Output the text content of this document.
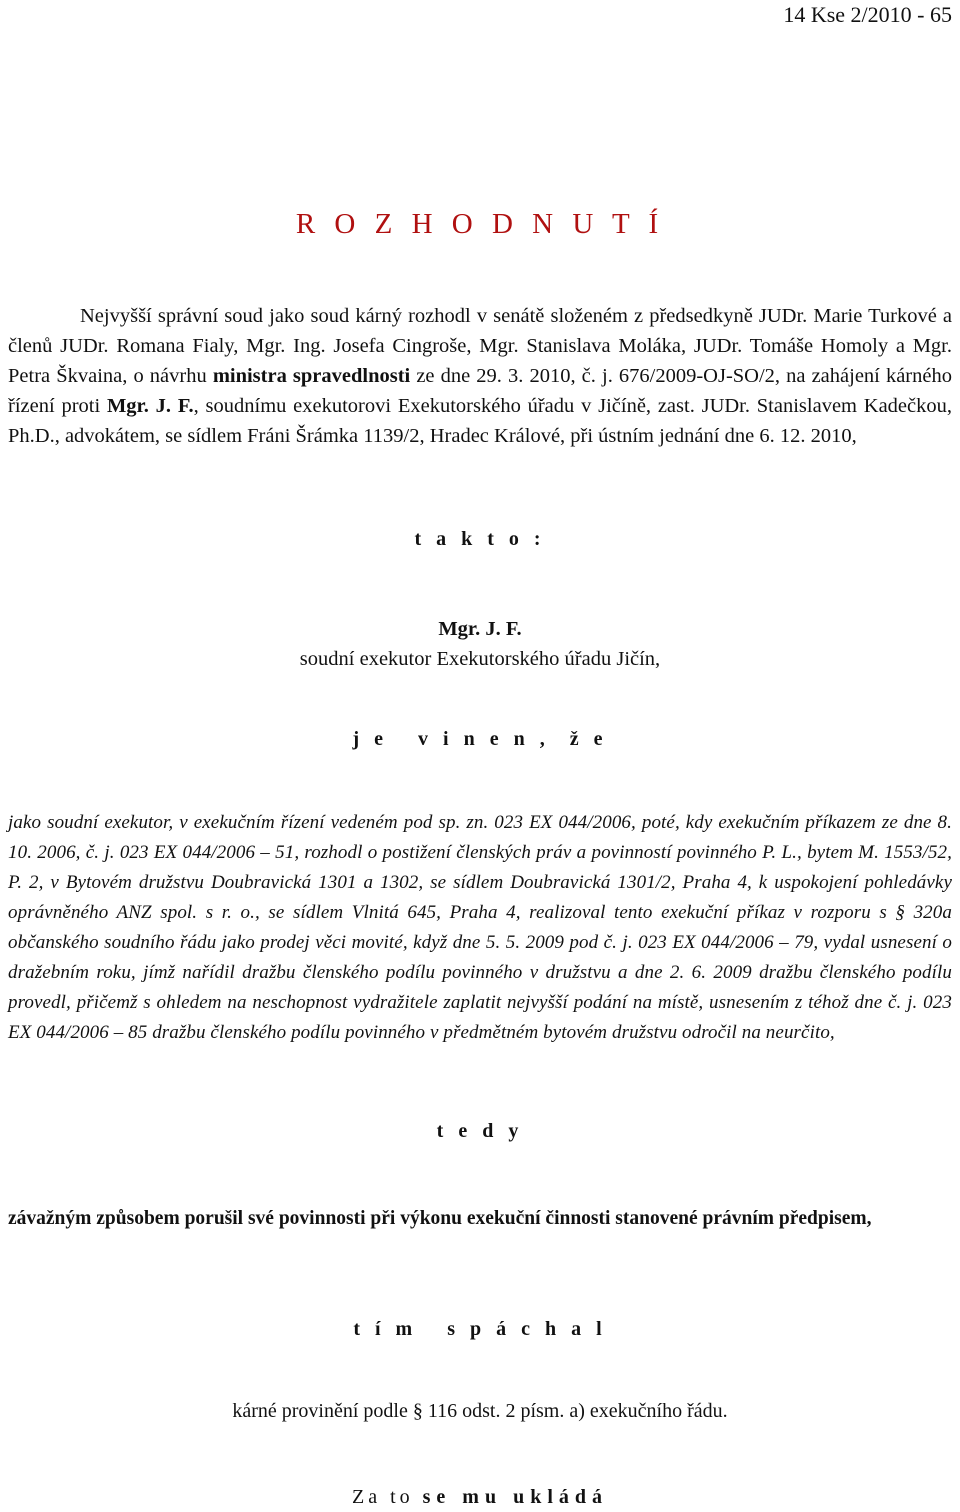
14 Kse 2/2010 - 65
R O Z H O D N U T Í
Nejvyšší správní soud jako soud kárný rozhodl v senátě složeném z předsedkyně JUDr. Marie Turkové a členů JUDr. Romana Fialy, Mgr. Ing. Josefa Cingroše, Mgr. Stanislava Moláka, JUDr. Tomáše Homoly a Mgr. Petra Škvaina, o návrhu ministra spravedlnosti ze dne 29. 3. 2010, č. j. 676/2009-OJ-SO/2, na zahájení kárného řízení proti Mgr. J. F., soudnímu exekutorovi Exekutorského úřadu v Jičíně, zast. JUDr. Stanislavem Kadečkou, Ph.D., advokátem, se sídlem Fráni Šrámka 1139/2, Hradec Králové, při ústním jednání dne 6. 12. 2010,
t a k t o :
Mgr. J. F.
soudní exekutor Exekutorského úřadu Jičín,
j e   v i n e n ,  ž e
jako soudní exekutor, v exekučním řízení vedeném pod sp. zn. 023 EX 044/2006, poté, kdy exekučním příkazem ze dne 8. 10. 2006, č. j. 023 EX 044/2006 – 51, rozhodl o postižení členských práv a povinností povinného P. L., bytem M. 1553/52, P. 2, v Bytovém družstvu Doubravická 1301 a 1302, se sídlem Doubravická 1301/2, Praha 4, k uspokojení pohledávky oprávněného ANZ spol. s r. o., se sídlem Vlnitá 645, Praha 4, realizoval tento exekuční příkaz v rozporu s § 320a občanského soudního řádu jako prodej věci movité, když dne 5. 5. 2009 pod č. j. 023 EX 044/2006 – 79, vydal usnesení o dražebním roku, jímž nařídil dražbu členského podílu povinného v družstvu a dne 2. 6. 2009 dražbu členského podílu provedl, přičemž s ohledem na neschopnost vydražitele zaplatit nejvyšší podání na místě, usnesením z téhož dne č. j. 023 EX 044/2006 – 85 dražbu členského podílu povinného v předmětném bytovém družstvu odročil na neurčito,
t e d y
závažným způsobem porušil své povinnosti při výkonu exekuční činnosti stanovené právním předpisem,
t í m   s p á c h a l
kárné provinění podle § 116 odst. 2 písm. a) exekučního řádu.
Za to se mu ukládá
